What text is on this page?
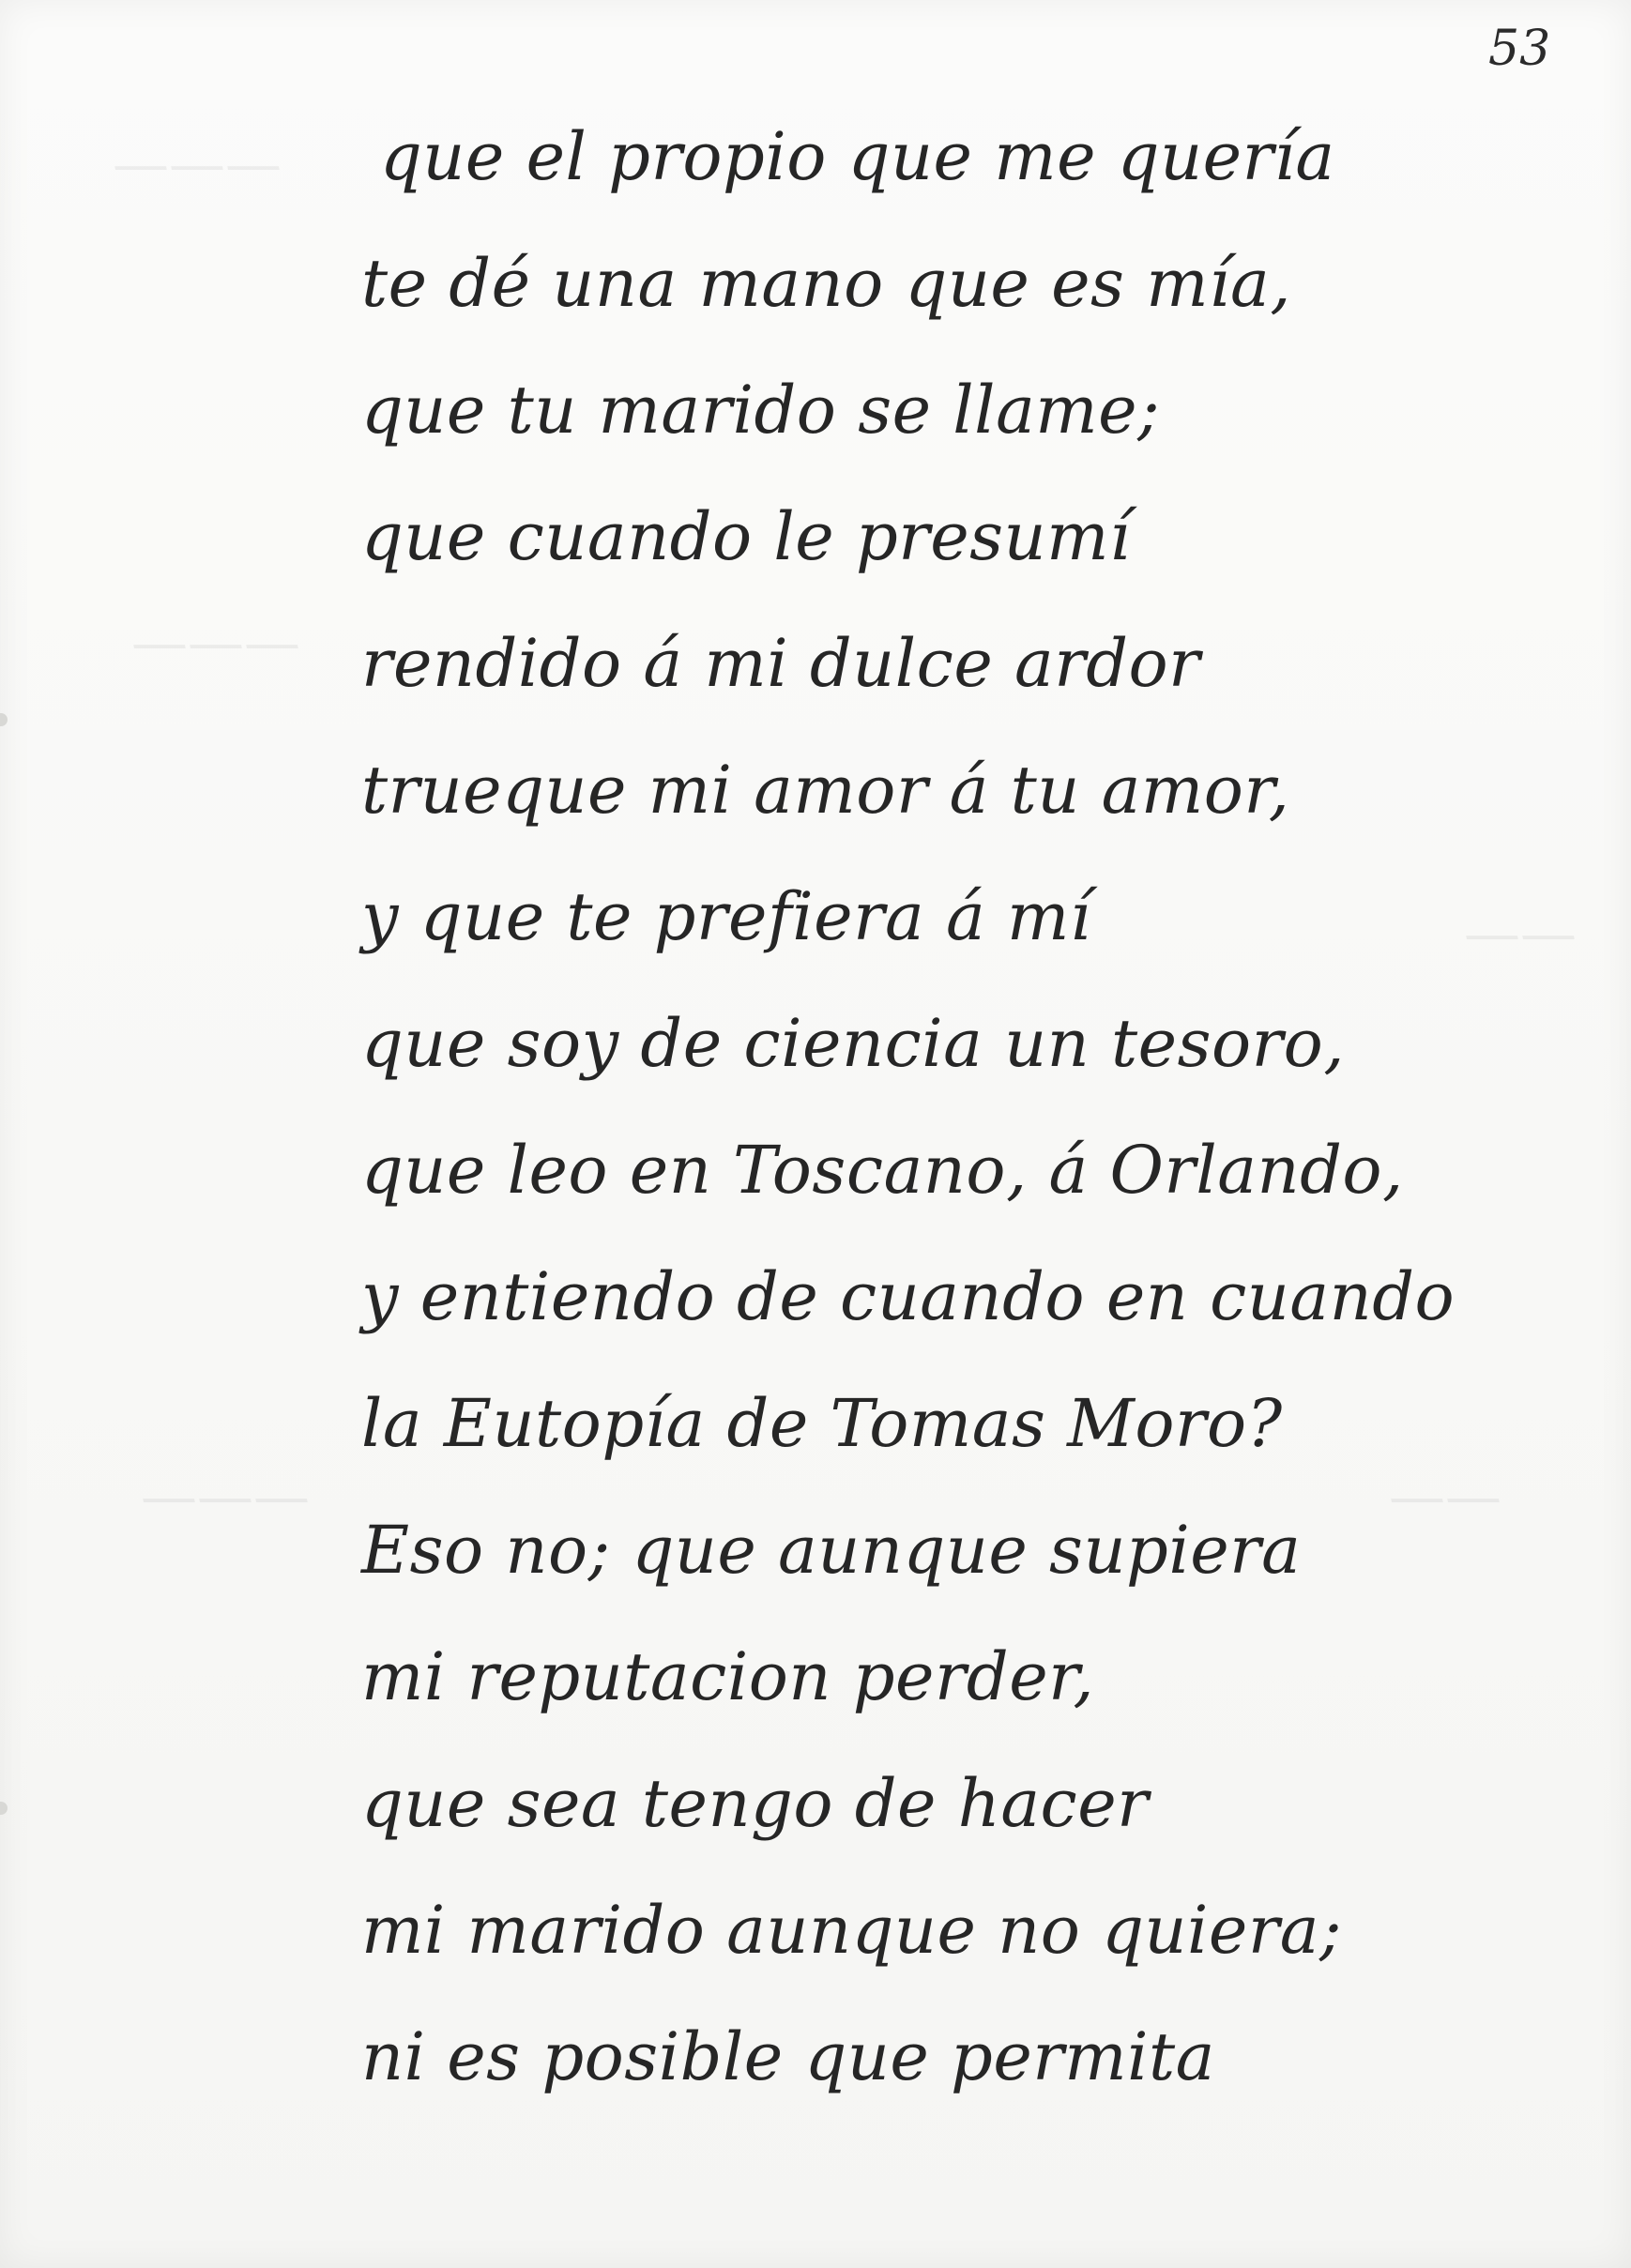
———
———
———
——
——
53
que el propio que me quería
te dé una mano que es mía,
que tu marido se llame;
que cuando le presumí
rendido á mi dulce ardor
trueque mi amor á tu amor,
y que te prefiera á mí
que soy de ciencia un tesoro,
que leo en Toscano, á Orlando,
y entiendo de cuando en cuando
la Eutopía de Tomas Moro?
Eso no; que aunque supiera
mi reputacion perder,
que sea tengo de hacer
mi marido aunque no quiera;
ni es posible que permita
